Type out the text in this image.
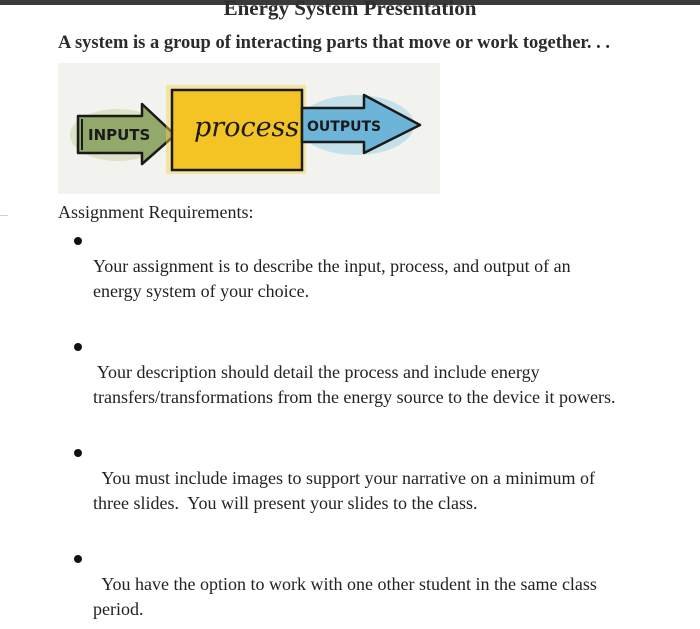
Energy System Presentation
A system is a group of interacting parts that move or work together. . .
INPUTS process OUTPUTS
Assignment Requirements:
Your assignment is to describe the input, process, and output of an
energy system of your choice.
Your description should detail the process and include energy
transfers/transformations from the energy source to the device it powers.
You must include images to support your narrative on a minimum of
three slides.  You will present your slides to the class.
You have the option to work with one other student in the same class
period.
